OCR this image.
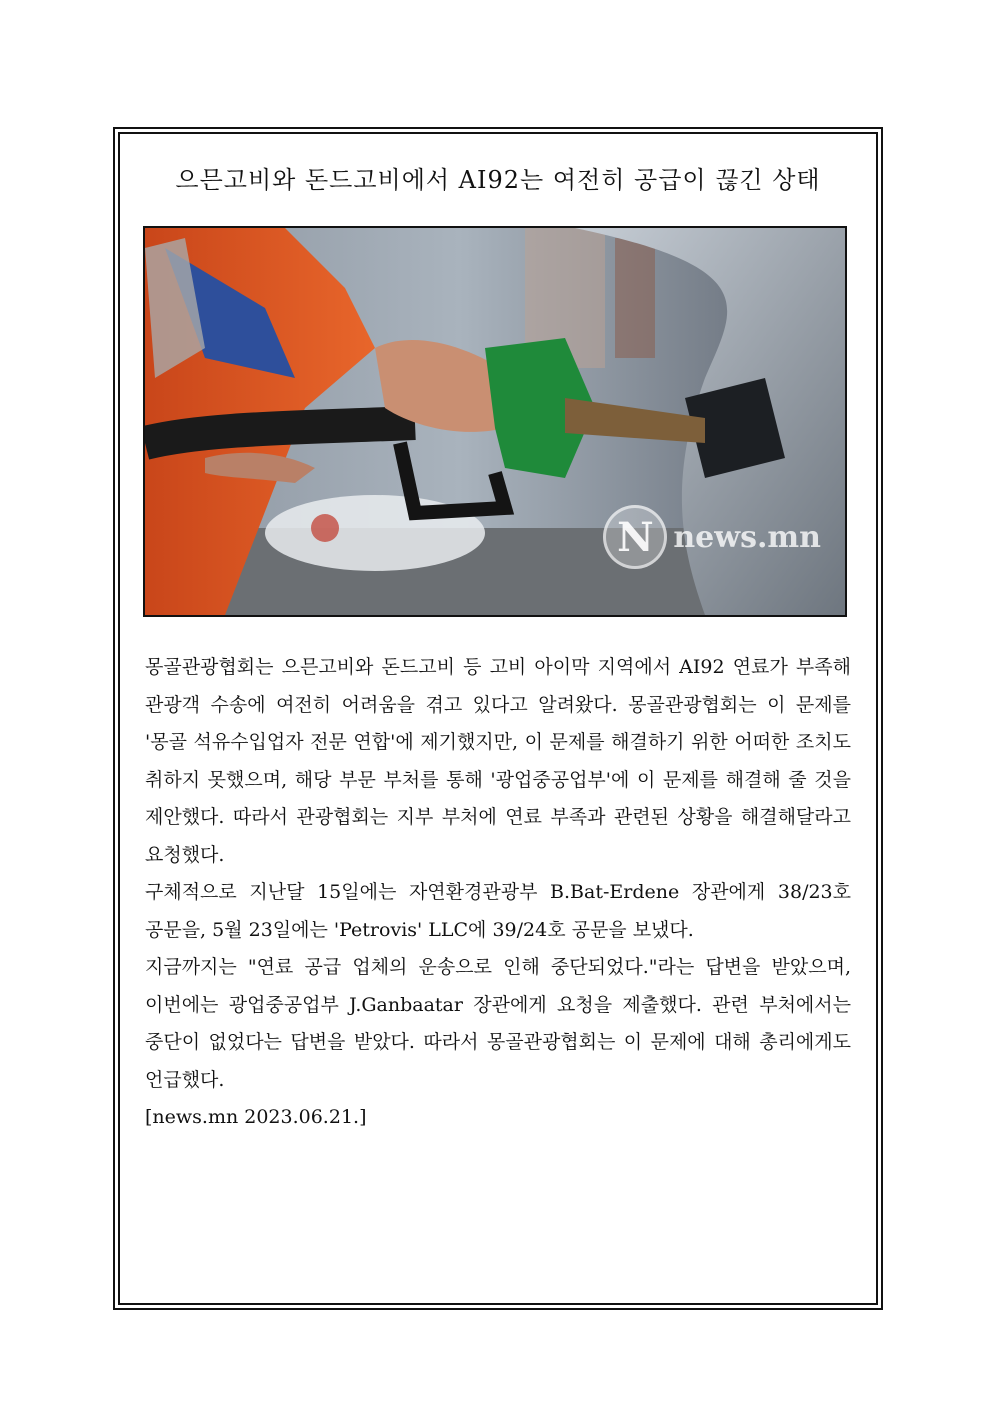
으믄고비와 돈드고비에서 AI92는 여전히 공급이 끊긴 상태
N news.mn

몽골관광협회는 으믄고비와 돈드고비 등 고비 아이막 지역에서 AI92 연료가 부족해 관광객 수송에 여전히 어려움을 겪고 있다고 알려왔다. 몽골관광협회는 이 문제를 '몽골 석유수입업자 전문 연합'에 제기했지만, 이 문제를 해결하기 위한 어떠한 조치도 취하지 못했으며, 해당 부문 부처를 통해 '광업중공업부'에 이 문제를 해결해 줄 것을 제안했다. 따라서 관광협회는 지부 부처에 연료 부족과 관련된 상황을 해결해달라고 요청했다.

구체적으로 지난달 15일에는 자연환경관광부 B.Bat-Erdene 장관에게 38/23호 공문을, 5월 23일에는 'Petrovis' LLC에 39/24호 공문을 보냈다.

지금까지는 "연료 공급 업체의 운송으로 인해 중단되었다."라는 답변을 받았으며, 이번에는 광업중공업부 J.Ganbaatar 장관에게 요청을 제출했다. 관련 부처에서는 중단이 없었다는 답변을 받았다. 따라서 몽골관광협회는 이 문제에 대해 총리에게도 언급했다.

[news.mn 2023.06.21.]
